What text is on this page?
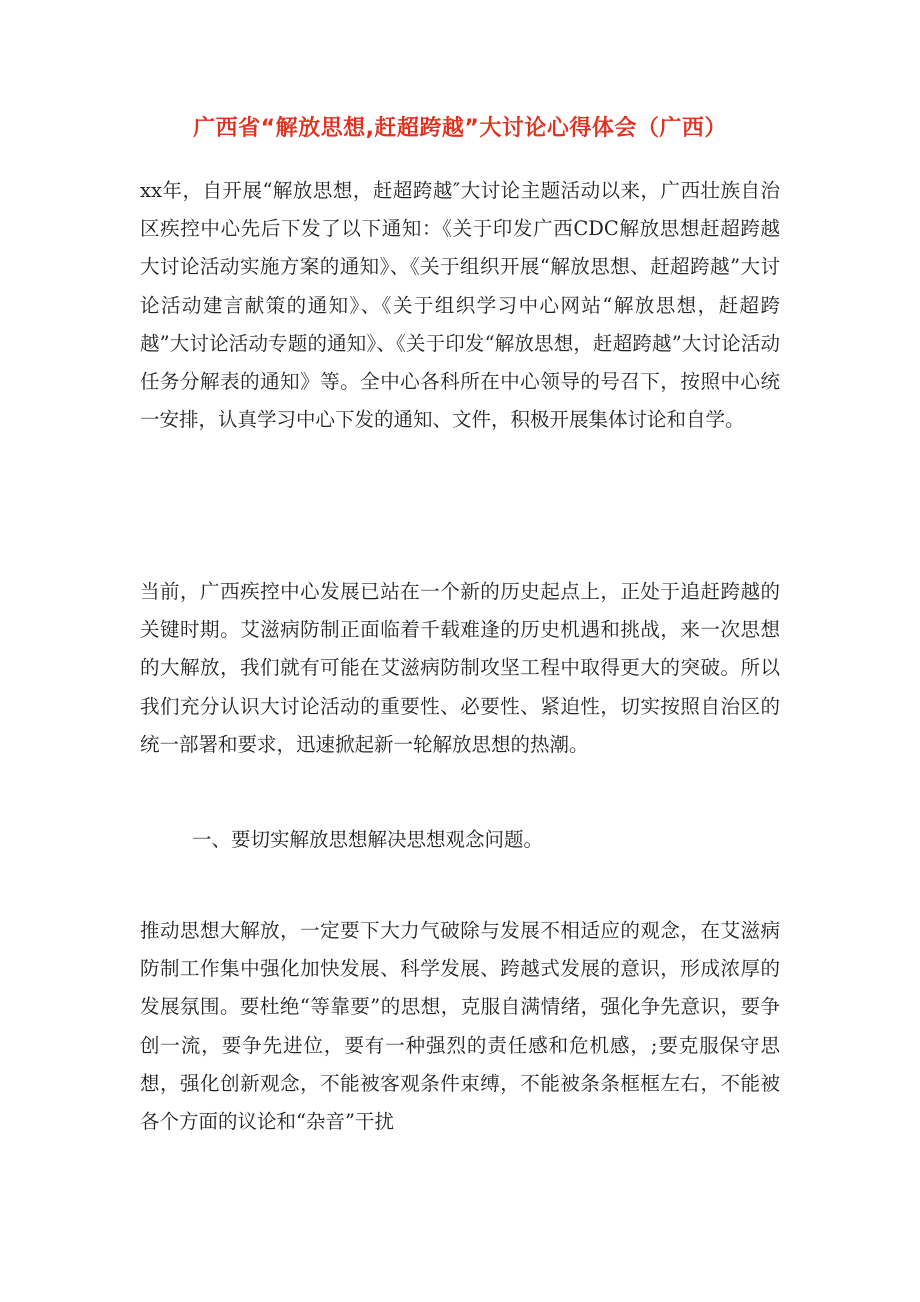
广西省“解放思想,赶超跨越”大讨论心得体会（广西）
xx年，自开展“解放思想，赶超跨越″大讨论主题活动以来，广西壮族自治区疾控中心先后下发了以下通知：《关于印发广西CDC解放思想赶超跨越大讨论活动实施方案的通知》、《关于组织开展“解放思想、赶超跨越”大讨论活动建言献策的通知》、《关于组织学习中心网站“解放思想，赶超跨越”大讨论活动专题的通知》、《关于印发“解放思想，赶超跨越”大讨论活动任务分解表的通知》等。全中心各科所在中心领导的号召下，按照中心统一安排，认真学习中心下发的通知、文件，积极开展集体讨论和自学。
当前，广西疾控中心发展已站在一个新的历史起点上，正处于追赶跨越的关键时期。艾滋病防制正面临着千载难逢的历史机遇和挑战，来一次思想的大解放，我们就有可能在艾滋病防制攻坚工程中取得更大的突破。所以我们充分认识大讨论活动的重要性、必要性、紧迫性，切实按照自治区的统一部署和要求，迅速掀起新一轮解放思想的热潮。
一、要切实解放思想解决思想观念问题。
推动思想大解放，一定要下大力气破除与发展不相适应的观念，在艾滋病防制工作集中强化加快发展、科学发展、跨越式发展的意识，形成浓厚的发展氛围。要杜绝“等靠要”的思想，克服自满情绪，强化争先意识，要争创一流，要争先进位，要有一种强烈的责任感和危机感，;要克服保守思想，强化创新观念，不能被客观条件束缚，不能被条条框框左右，不能被各个方面的议论和“杂音”干扰
